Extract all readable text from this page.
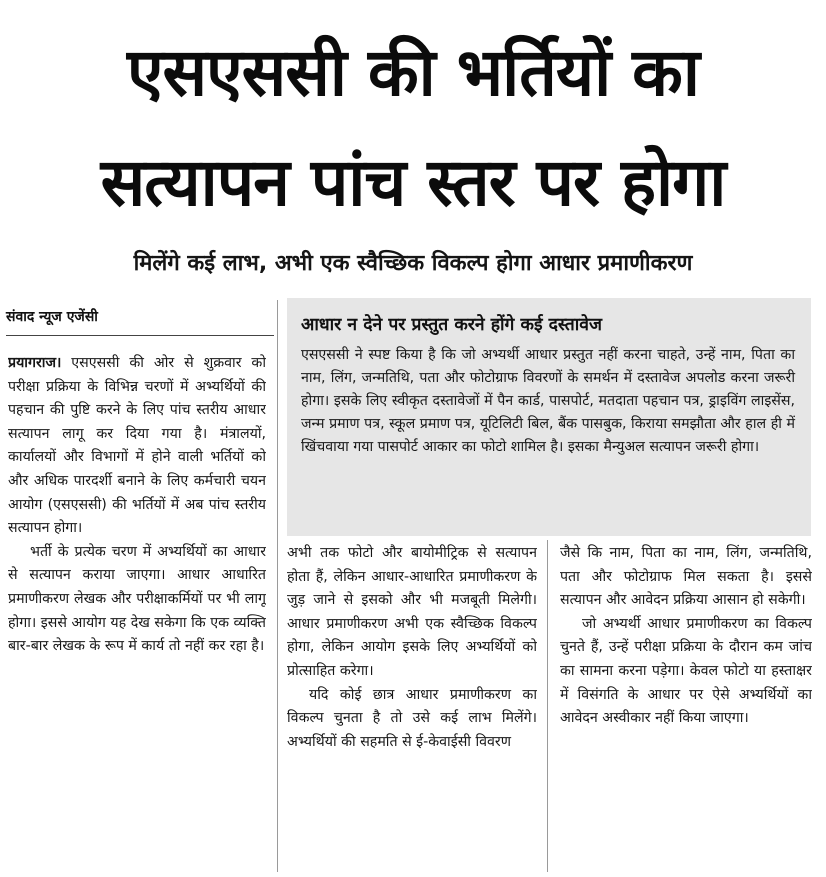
एसएससी की भर्तियों का
सत्यापन पांच स्तर पर होगा
मिलेंगे कई लाभ, अभी एक स्वैच्छिक विकल्प होगा आधार प्रमाणीकरण
संवाद न्यूज एजेंसी

प्रयागराज। एसएससी की ओर से शुक्रवार को परीक्षा प्रक्रिया के विभिन्न चरणों में अभ्यर्थियों की पहचान की पुष्टि करने के लिए पांच स्तरीय आधार सत्यापन लागू कर दिया गया है। मंत्रालयों, कार्यालयों और विभागों में होने वाली भर्तियों को और अधिक पारदर्शी बनाने के लिए कर्मचारी चयन आयोग (एसएससी) की भर्तियों में अब पांच स्तरीय सत्यापन होगा।

भर्ती के प्रत्येक चरण में अभ्यर्थियों का आधार से सत्यापन कराया जाएगा। आधार आधारित प्रमाणीकरण लेखक और परीक्षाकर्मियों पर भी लागू होगा। इससे आयोग यह देख सकेगा कि एक व्यक्ति बार-बार लेखक के रूप में कार्य तो नहीं कर रहा है।

आधार न देने पर प्रस्तुत करने होंगे कई दस्तावेज
एसएससी ने स्पष्ट किया है कि जो अभ्यर्थी आधार प्रस्तुत नहीं करना चाहते, उन्हें नाम, पिता का नाम, लिंग, जन्मतिथि, पता और फोटोग्राफ विवरणों के समर्थन में दस्तावेज अपलोड करना जरूरी होगा। इसके लिए स्वीकृत दस्तावेजों में पैन कार्ड, पासपोर्ट, मतदाता पहचान पत्र, ड्राइविंग लाइसेंस, जन्म प्रमाण पत्र, स्कूल प्रमाण पत्र, यूटिलिटी बिल, बैंक पासबुक, किराया समझौता और हाल ही में खिंचवाया गया पासपोर्ट आकार का फोटो शामिल है। इसका मैन्युअल सत्यापन जरूरी होगा।

अभी तक फोटो और बायोमीट्रिक से सत्यापन होता हैं, लेकिन आधार-आधारित प्रमाणीकरण के जुड़ जाने से इसको और भी मजबूती मिलेगी। आधार प्रमाणीकरण अभी एक स्वैच्छिक विकल्प होगा, लेकिन आयोग इसके लिए अभ्यर्थियों को प्रोत्साहित करेगा।

यदि कोई छात्र आधार प्रमाणीकरण का विकल्प चुनता है तो उसे कई लाभ मिलेंगे। अभ्यर्थियों की सहमति से ई-केवाईसी विवरण

जैसे कि नाम, पिता का नाम, लिंग, जन्मतिथि, पता और फोटोग्राफ मिल सकता है। इससे सत्यापन और आवेदन प्रक्रिया आसान हो सकेगी।

जो अभ्यर्थी आधार प्रमाणीकरण का विकल्प चुनते हैं, उन्हें परीक्षा प्रक्रिया के दौरान कम जांच का सामना करना पड़ेगा। केवल फोटो या हस्ताक्षर में विसंगति के आधार पर ऐसे अभ्यर्थियों का आवेदन अस्वीकार नहीं किया जाएगा।
